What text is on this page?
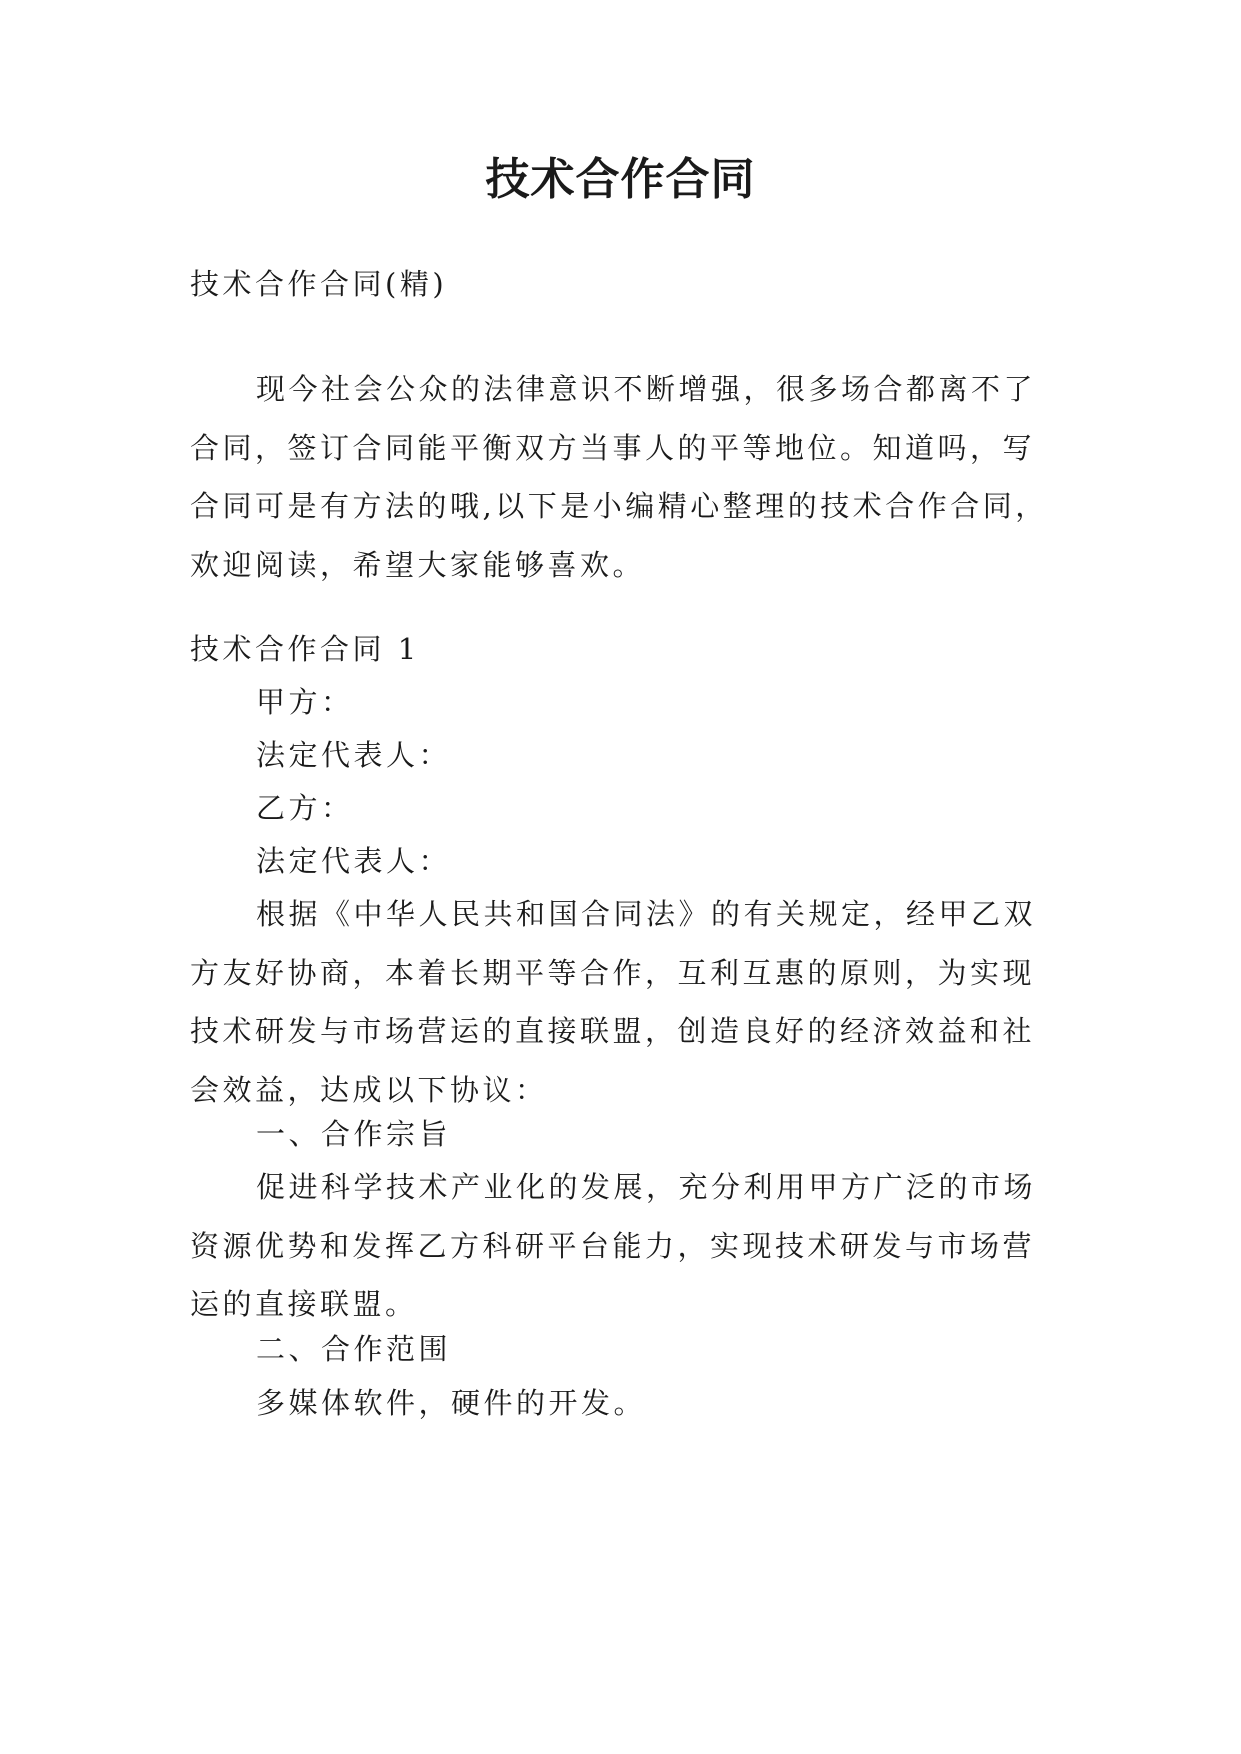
技术合作合同
技术合作合同(精)

现今社会公众的法律意识不断增强，很多场合都离不了合同，签订合同能平衡双方当事人的平等地位。知道吗，写合同可是有方法的哦,以下是小编精心整理的技术合作合同，欢迎阅读，希望大家能够喜欢。

技术合作合同 1
甲方：
法定代表人：
乙方：
法定代表人：

根据《中华人民共和国合同法》的有关规定，经甲乙双方友好协商，本着长期平等合作，互利互惠的原则，为实现技术研发与市场营运的直接联盟，创造良好的经济效益和社会效益，达成以下协议：

一、合作宗旨

促进科学技术产业化的发展，充分利用甲方广泛的市场资源优势和发挥乙方科研平台能力，实现技术研发与市场营运的直接联盟。

二、合作范围
多媒体软件，硬件的开发。
